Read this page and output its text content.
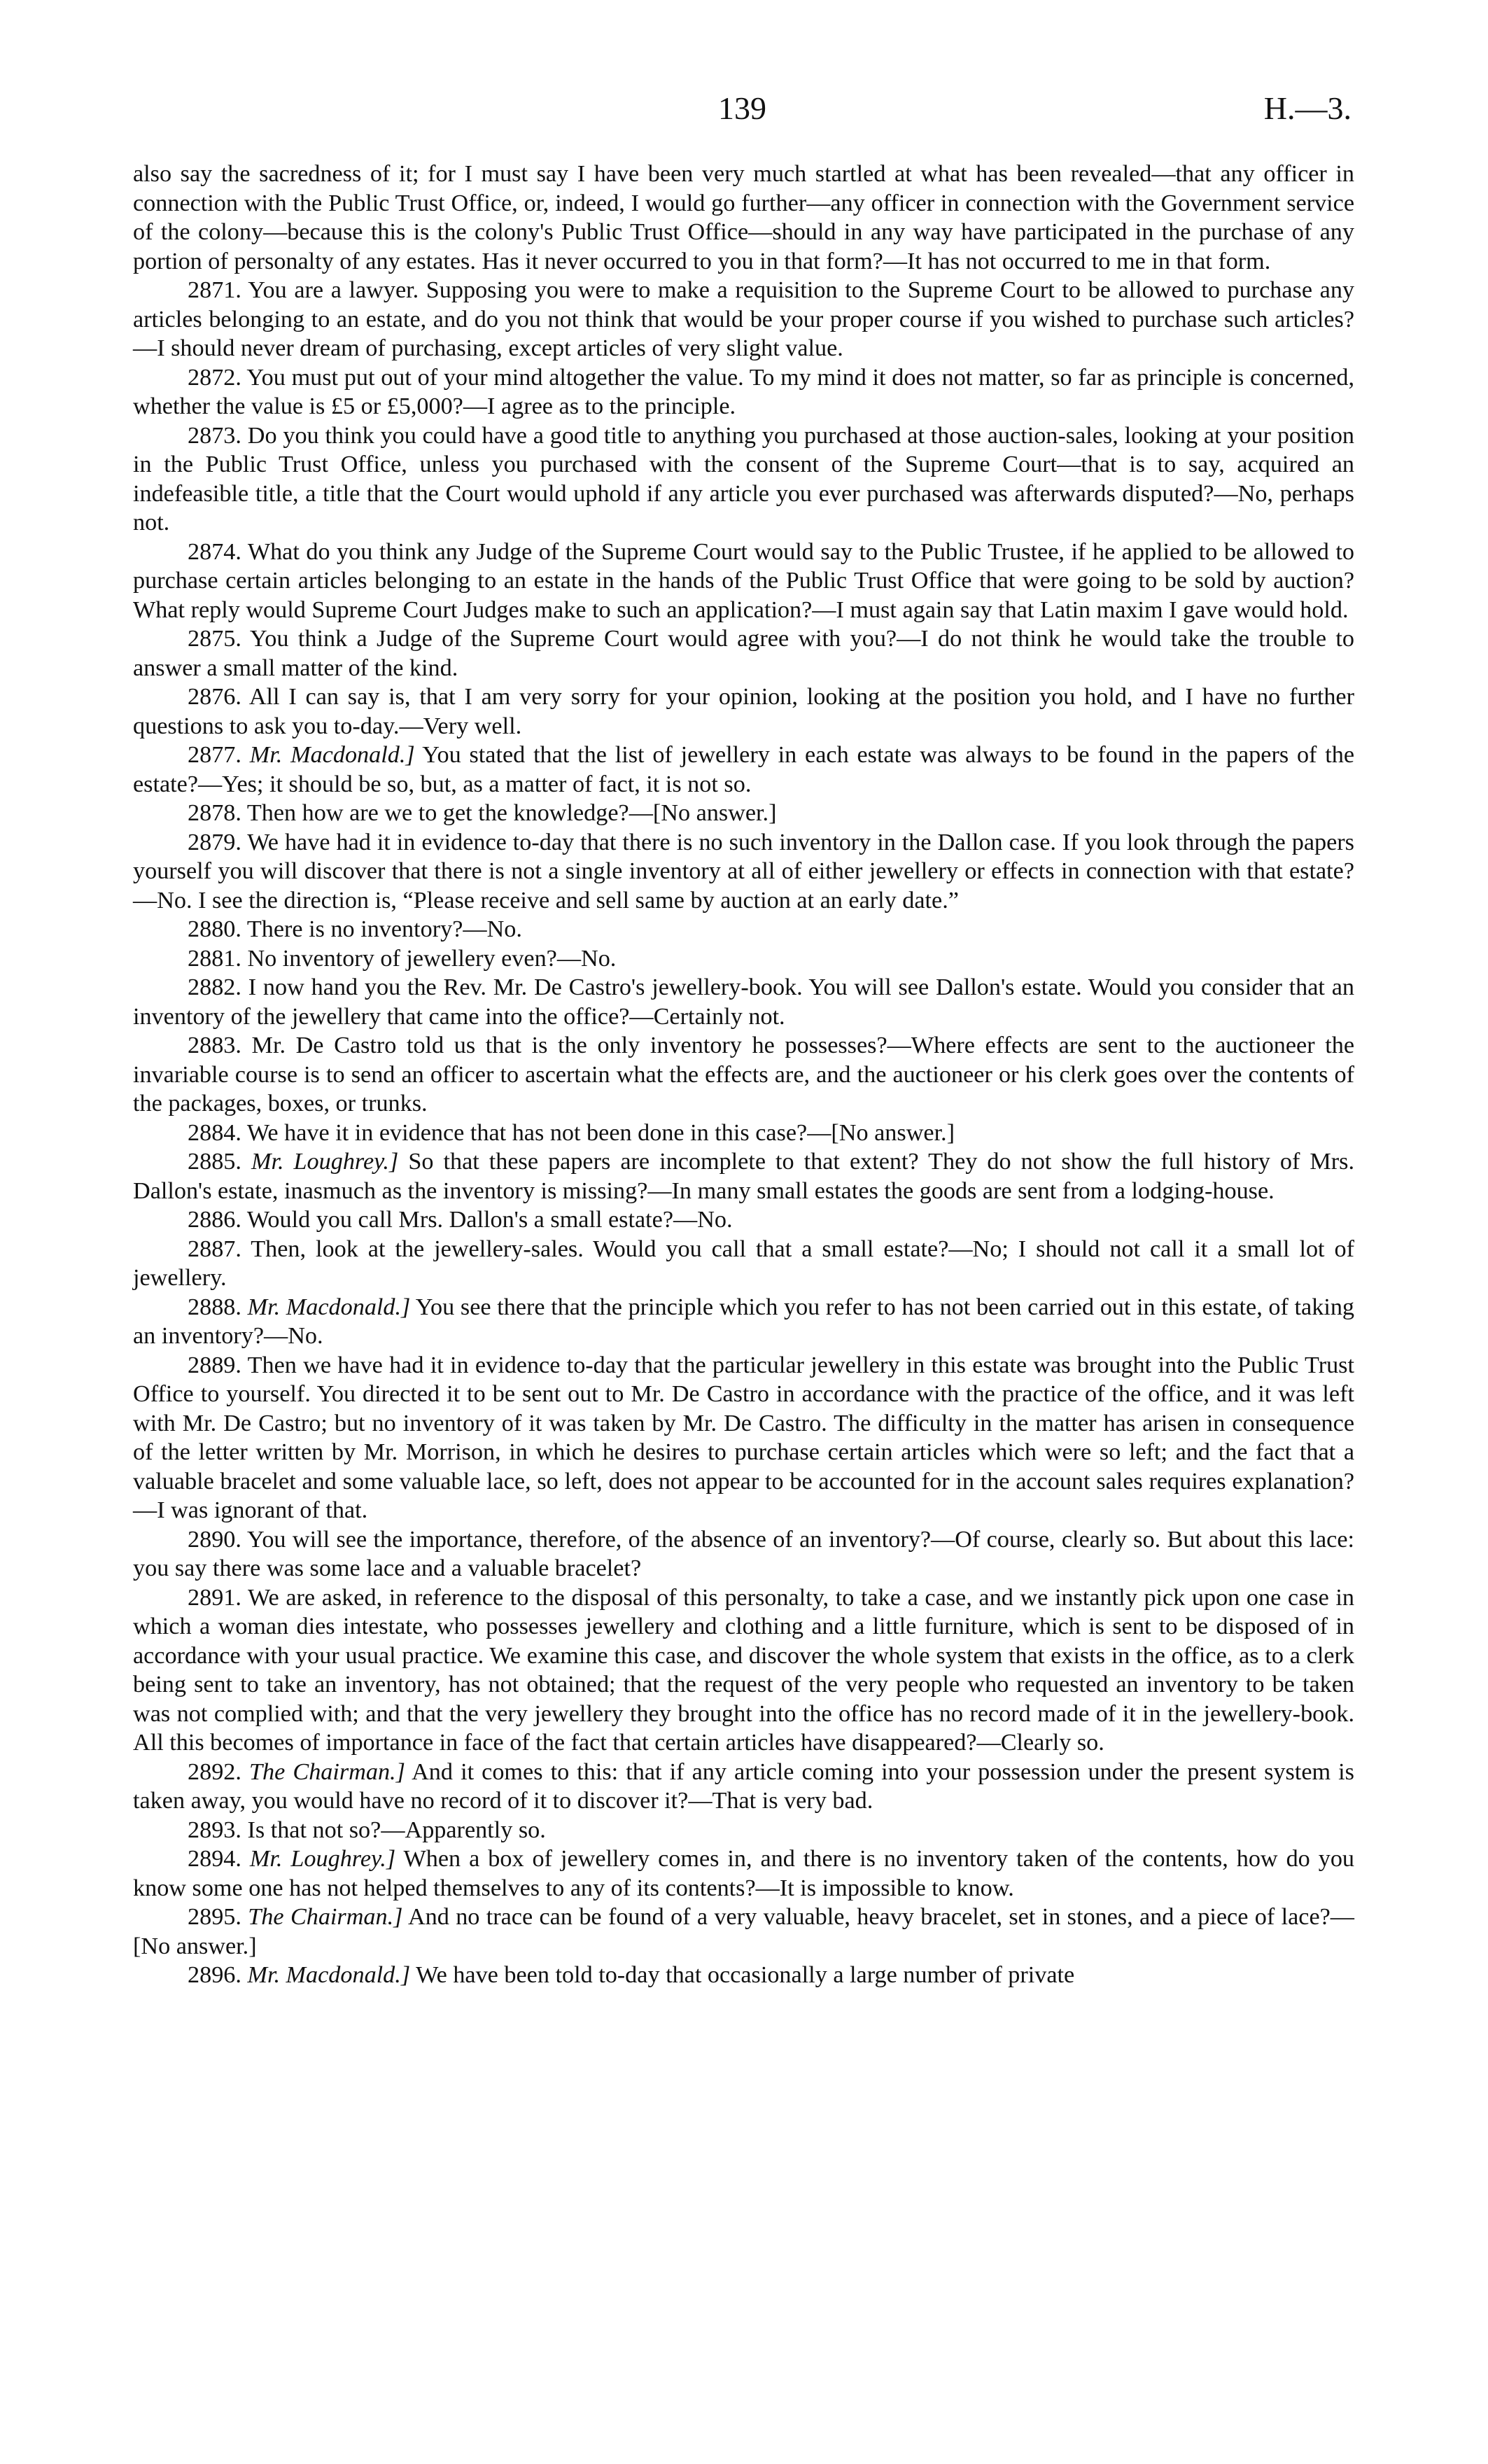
139	H.—3.

also say the sacredness of it; for I must say I have been very much startled at what has been revealed—that any officer in connection with the Public Trust Office, or, indeed, I would go further—any officer in connection with the Government service of the colony—because this is the colony's Public Trust Office—should in any way have participated in the purchase of any portion of personalty of any estates. Has it never occurred to you in that form?—It has not occurred to me in that form.

2871. You are a lawyer. Supposing you were to make a requisition to the Supreme Court to be allowed to purchase any articles belonging to an estate, and do you not think that would be your proper course if you wished to purchase such articles?—I should never dream of purchasing, except articles of very slight value.

2872. You must put out of your mind altogether the value. To my mind it does not matter, so far as principle is concerned, whether the value is £5 or £5,000?—I agree as to the principle.

2873. Do you think you could have a good title to anything you purchased at those auction-sales, looking at your position in the Public Trust Office, unless you purchased with the consent of the Supreme Court—that is to say, acquired an indefeasible title, a title that the Court would uphold if any article you ever purchased was afterwards disputed?—No, perhaps not.

2874. What do you think any Judge of the Supreme Court would say to the Public Trustee, if he applied to be allowed to purchase certain articles belonging to an estate in the hands of the Public Trust Office that were going to be sold by auction? What reply would Supreme Court Judges make to such an application?—I must again say that Latin maxim I gave would hold.

2875. You think a Judge of the Supreme Court would agree with you?—I do not think he would take the trouble to answer a small matter of the kind.

2876. All I can say is, that I am very sorry for your opinion, looking at the position you hold, and I have no further questions to ask you to-day.—Very well.

2877. Mr. Macdonald.] You stated that the list of jewellery in each estate was always to be found in the papers of the estate?—Yes; it should be so, but, as a matter of fact, it is not so.

2878. Then how are we to get the knowledge?—[No answer.]

2879. We have had it in evidence to-day that there is no such inventory in the Dallon case. If you look through the papers yourself you will discover that there is not a single inventory at all of either jewellery or effects in connection with that estate?—No. I see the direction is, “Please receive and sell same by auction at an early date.”

2880. There is no inventory?—No.

2881. No inventory of jewellery even?—No.

2882. I now hand you the Rev. Mr. De Castro's jewellery-book. You will see Dallon's estate. Would you consider that an inventory of the jewellery that came into the office?—Certainly not.

2883. Mr. De Castro told us that is the only inventory he possesses?—Where effects are sent to the auctioneer the invariable course is to send an officer to ascertain what the effects are, and the auctioneer or his clerk goes over the contents of the packages, boxes, or trunks.

2884. We have it in evidence that has not been done in this case?—[No answer.]

2885. Mr. Loughrey.] So that these papers are incomplete to that extent? They do not show the full history of Mrs. Dallon's estate, inasmuch as the inventory is missing?—In many small estates the goods are sent from a lodging-house.

2886. Would you call Mrs. Dallon's a small estate?—No.

2887. Then, look at the jewellery-sales. Would you call that a small estate?—No; I should not call it a small lot of jewellery.

2888. Mr. Macdonald.] You see there that the principle which you refer to has not been carried out in this estate, of taking an inventory?—No.

2889. Then we have had it in evidence to-day that the particular jewellery in this estate was brought into the Public Trust Office to yourself. You directed it to be sent out to Mr. De Castro in accordance with the practice of the office, and it was left with Mr. De Castro; but no inventory of it was taken by Mr. De Castro. The difficulty in the matter has arisen in consequence of the letter written by Mr. Morrison, in which he desires to purchase certain articles which were so left; and the fact that a valuable bracelet and some valuable lace, so left, does not appear to be accounted for in the account sales requires explanation?—I was ignorant of that.

2890. You will see the importance, therefore, of the absence of an inventory?—Of course, clearly so. But about this lace: you say there was some lace and a valuable bracelet?

2891. We are asked, in reference to the disposal of this personalty, to take a case, and we instantly pick upon one case in which a woman dies intestate, who possesses jewellery and clothing and a little furniture, which is sent to be disposed of in accordance with your usual practice. We examine this case, and discover the whole system that exists in the office, as to a clerk being sent to take an inventory, has not obtained; that the request of the very people who requested an inventory to be taken was not complied with; and that the very jewellery they brought into the office has no record made of it in the jewellery-book. All this becomes of importance in face of the fact that certain articles have disappeared?—Clearly so.

2892. The Chairman.] And it comes to this: that if any article coming into your possession under the present system is taken away, you would have no record of it to discover it?—That is very bad.

2893. Is that not so?—Apparently so.

2894. Mr. Loughrey.] When a box of jewellery comes in, and there is no inventory taken of the contents, how do you know some one has not helped themselves to any of its contents?—It is impossible to know.

2895. The Chairman.] And no trace can be found of a very valuable, heavy bracelet, set in stones, and a piece of lace?—[No answer.]

2896. Mr. Macdonald.] We have been told to-day that occasionally a large number of private
